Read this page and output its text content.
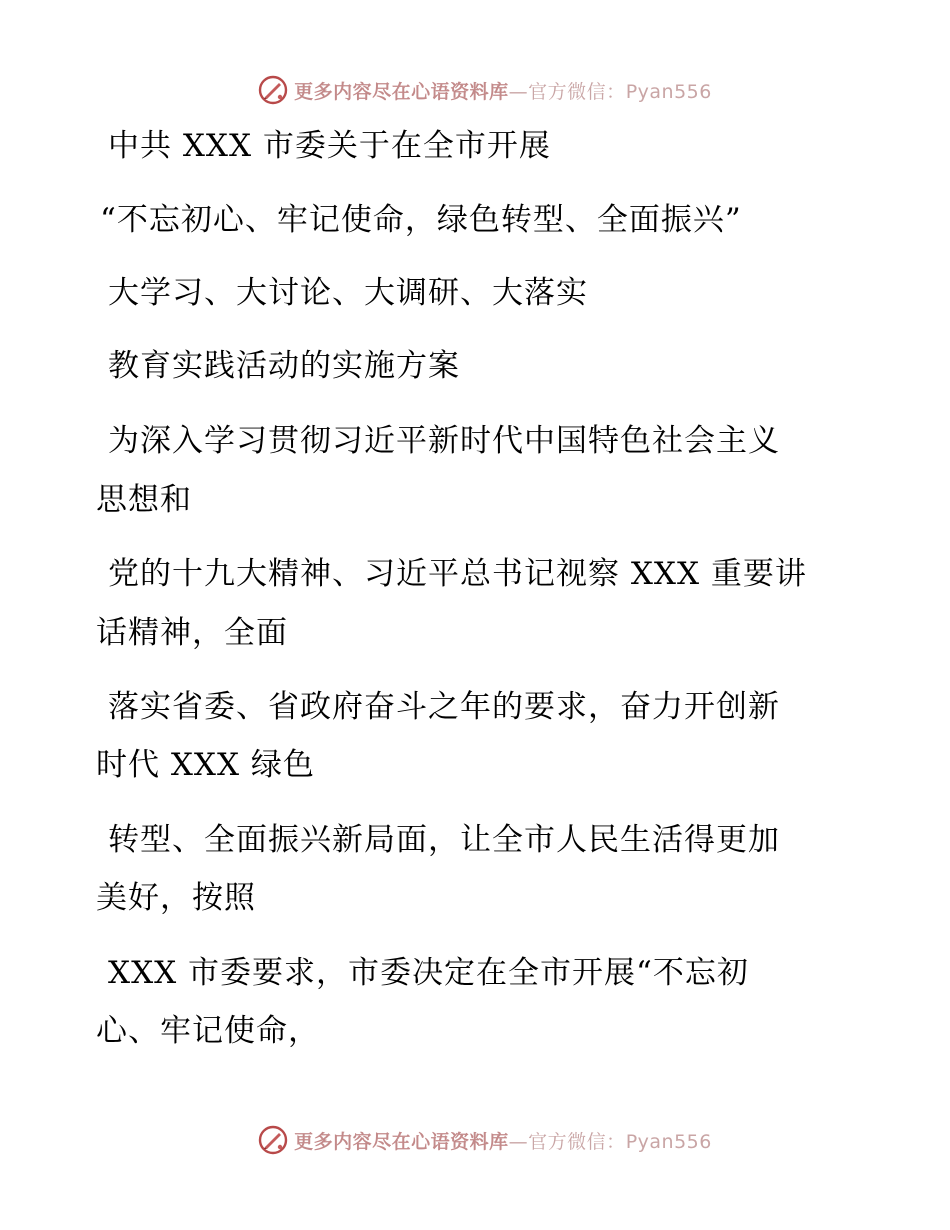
更多内容尽在心语资料库—官方微信：Pyan556
中共 XXX 市委关于在全市开展
“不忘初心、牢记使命，绿色转型、全面振兴”
大学习、大讨论、大调研、大落实
教育实践活动的实施方案
为深入学习贯彻习近平新时代中国特色社会主义
思想和
党的十九大精神、习近平总书记视察 XXX 重要讲
话精神，全面
落实省委、省政府奋斗之年的要求，奋力开创新
时代 XXX 绿色
转型、全面振兴新局面，让全市人民生活得更加
美好，按照
XXX 市委要求，市委决定在全市开展“不忘初
心、牢记使命，
更多内容尽在心语资料库—官方微信：Pyan556
